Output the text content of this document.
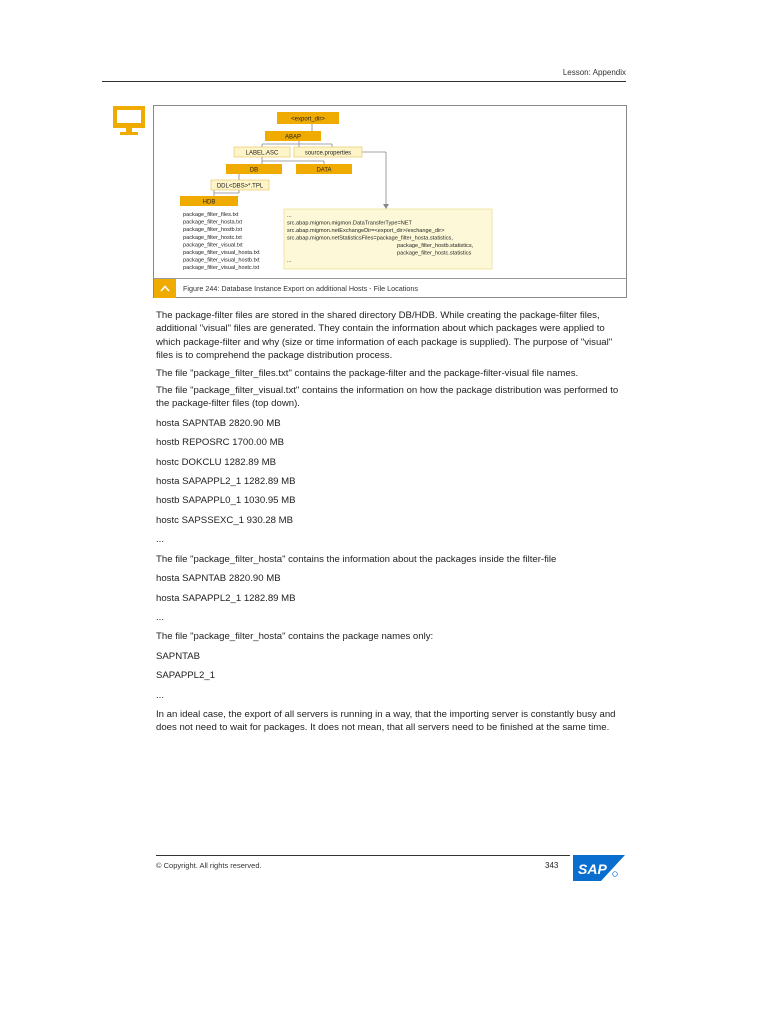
Lesson: Appendix
<export_dir>
ABAP
LABEL.ASC	source.properties
DB	DATA
DDL<DBS>*.TPL
HDB
package_filter_files.txt
package_filter_hosta.txt
package_filter_hostb.txt
package_filter_hostc.txt
package_filter_visual.txt
package_filter_visual_hosta.txt
package_filter_visual_hostb.txt
package_filter_visual_hostc.txt
...
src.abap.migmon.migmon.DataTransferType=NET
src.abap.migmon.netExchangeDir=<export_dir>/exchange_dir>
src.abap.migmon.netStatisticsFiles=package_filter_hosta.statistics,
package_filter_hostb.statistics,
package_filter_hostc.statistics
...
Figure 244: Database Instance Export on additional Hosts - File Locations

The package-filter files are stored in the shared directory DB/HDB. While creating the package-filter files, additional "visual" files are generated. They contain the information about which packages were applied to which package-filter and why (size or time information of each package is supplied). The purpose of "visual" files is to comprehend the package distribution process.

The file "package_filter_files.txt" contains the package-filter and the package-filter-visual file names.

The file "package_filter_visual.txt" contains the information on how the package distribution was performed to the package-filter files (top down).

hosta SAPNTAB 2820.90 MB

hostb REPOSRC 1700.00 MB

hostc DOKCLU 1282.89 MB

hosta SAPAPPL2_1 1282.89 MB

hostb SAPAPPL0_1 1030.95 MB

hostc SAPSSEXC_1 930.28 MB

...

The file "package_filter_hosta" contains the information about the packages inside the filter-file

hosta SAPNTAB 2820.90 MB

hosta SAPAPPL2_1 1282.89 MB

...

The file "package_filter_hosta" contains the package names only:

SAPNTAB

SAPAPPL2_1

...

In an ideal case, the export of all servers is running in a way, that the importing server is constantly busy and does not need to wait for packages. It does not mean, that all servers need to be finished at the same time.

© Copyright. All rights reserved.	343 SAP
